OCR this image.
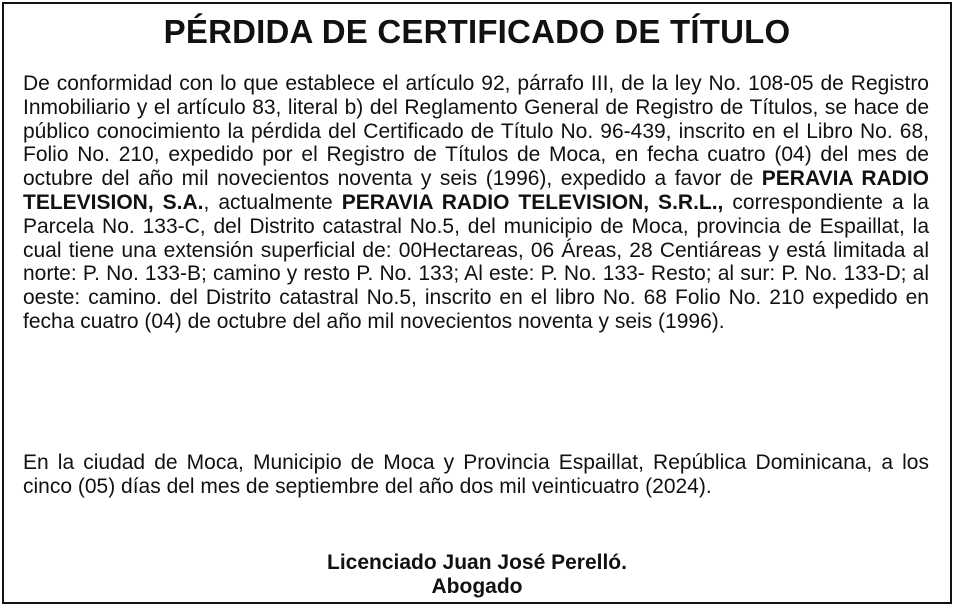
PÉRDIDA DE CERTIFICADO DE TÍTULO

De conformidad con lo que establece el artículo 92, párrafo III, de la ley No. 108-05 de Registro Inmobiliario y el artículo 83, literal b) del Reglamento General de Registro de Títulos, se hace de público conocimiento la pérdida del Certificado de Título No. 96-439, inscrito en el Libro No. 68, Folio No. 210, expedido por el Registro de Títulos de Moca, en fecha cuatro (04) del mes de octubre del año mil novecientos noventa y seis (1996), expedido a favor de PERAVIA RADIO TELEVISION, S.A., actualmente PERAVIA RADIO TELEVISION, S.R.L., correspondiente a la Parcela No. 133-C, del Distrito catastral No.5, del municipio de Moca, provincia de Espaillat, la cual tiene una extensión superficial de: 00Hectareas, 06 Áreas, 28 Centiáreas y está limitada al norte: P. No. 133-B; camino y resto P. No. 133; Al este: P. No. 133- Resto; al sur: P. No. 133-D; al oeste: camino. del Distrito catastral No.5, inscrito en el libro No. 68 Folio No. 210 expedido en fecha cuatro (04) de octubre del año mil novecientos noventa y seis (1996).

En la ciudad de Moca, Municipio de Moca y Provincia Espaillat, República Dominicana, a los cinco (05) días del mes de septiembre del año dos mil veinticuatro (2024).

Licenciado Juan José Perelló.
Abogado
